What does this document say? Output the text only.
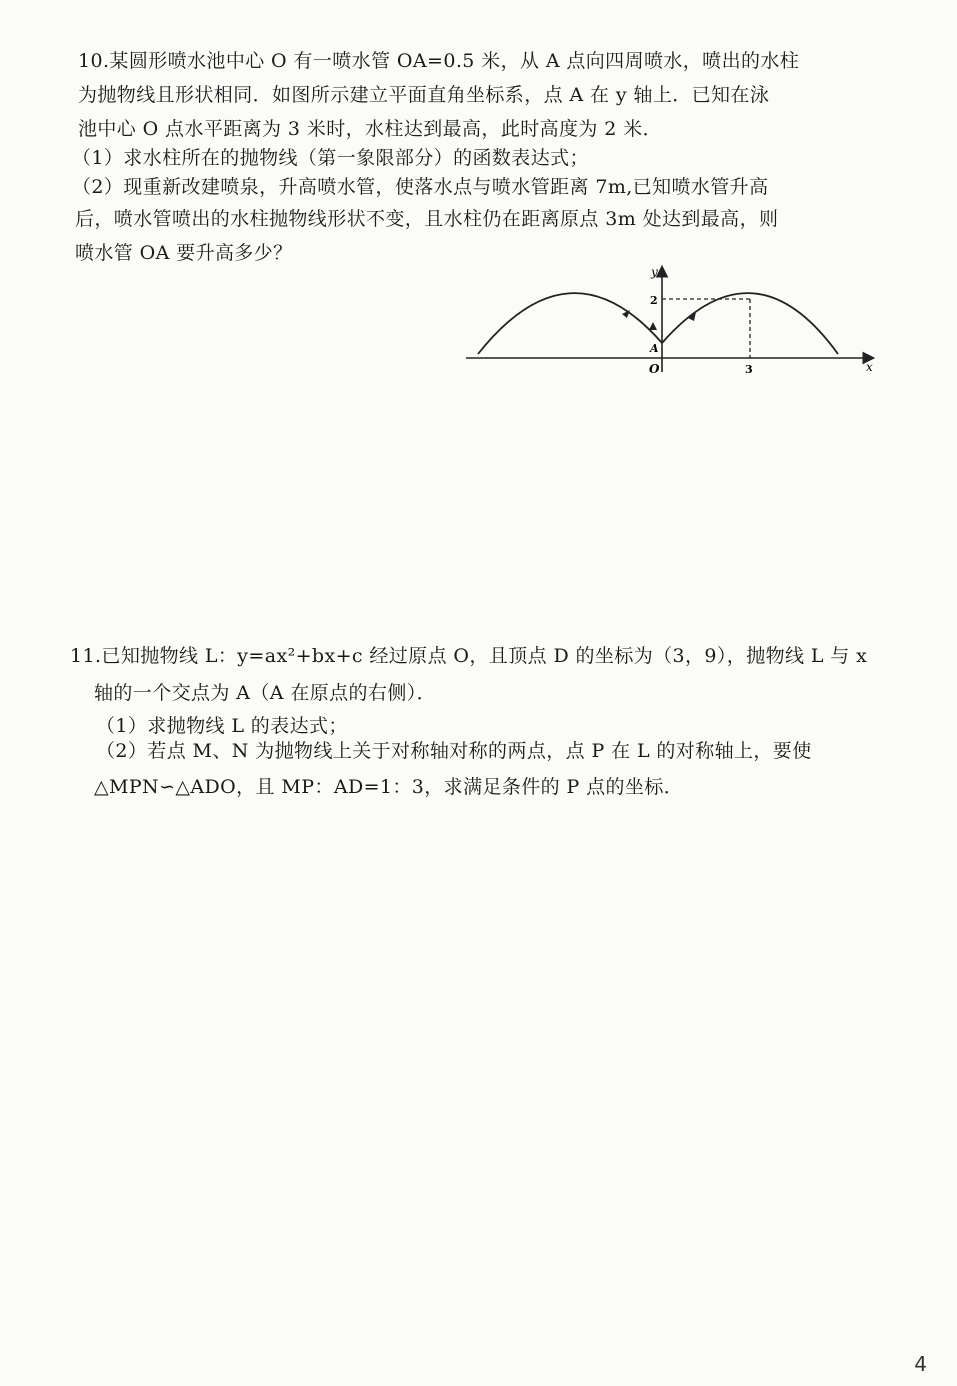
10.某圆形喷水池中心 O 有一喷水管 OA=0.5 米，从 A 点向四周喷水，喷出的水柱
为抛物线且形状相同．如图所示建立平面直角坐标系，点 A 在 y 轴上．已知在泳
池中心 O 点水平距离为 3 米时，水柱达到最高，此时高度为 2 米．
（1）求水柱所在的抛物线（第一象限部分）的函数表达式；
（2）现重新改建喷泉，升高喷水管，使落水点与喷水管距离 7m,已知喷水管升高
后，喷水管喷出的水柱抛物线形状不变，且水柱仍在距离原点 3m 处达到最高，则
喷水管 OA 要升高多少？
y
x
O
A
2
3
11.已知抛物线 L：y=ax²+bx+c 经过原点 O，且顶点 D 的坐标为（3，9），抛物线 L 与 x
轴的一个交点为 A（A 在原点的右侧）．
（1）求抛物线 L 的表达式；
（2）若点 M、N 为抛物线上关于对称轴对称的两点，点 P 在 L 的对称轴上，要使
△MPN∽△ADO，且 MP：AD=1：3，求满足条件的 P 点的坐标．
4
